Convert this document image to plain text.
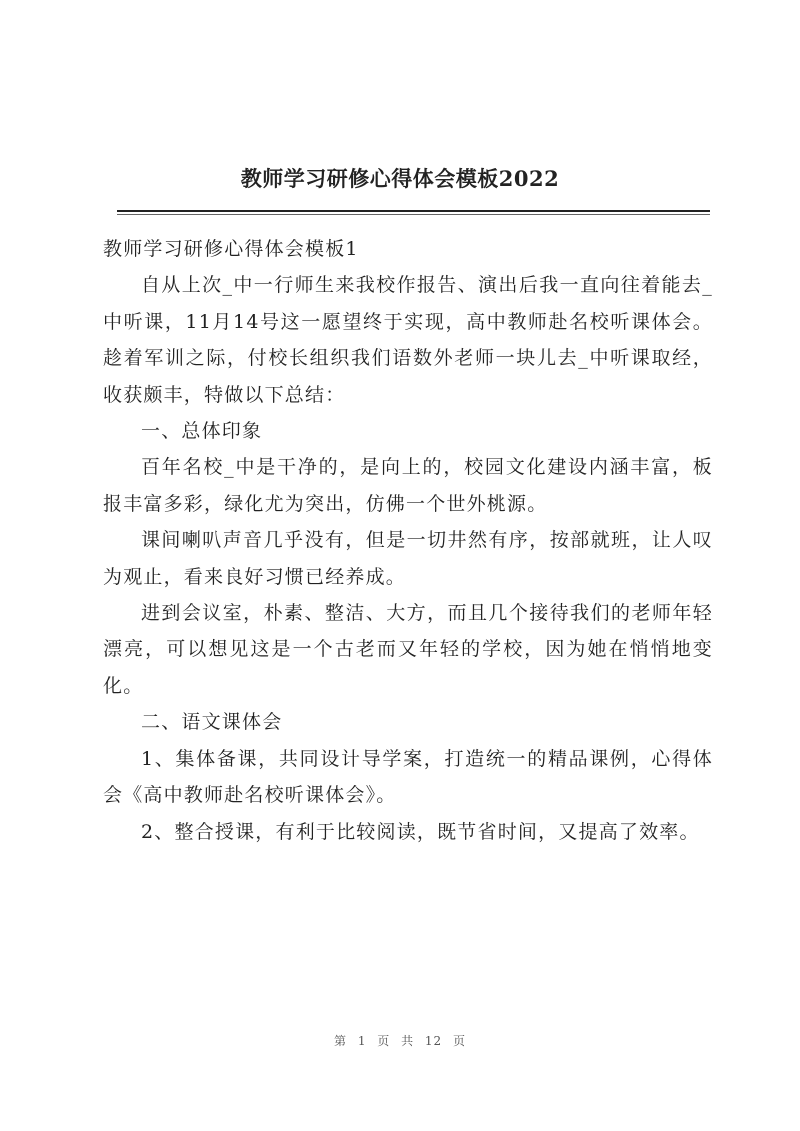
教师学习研修心得体会模板2022

教师学习研修心得体会模板1

自从上次_中一行师生来我校作报告、演出后我一直向往着能去_中听课，11月14号这一愿望终于实现，高中教师赴名校听课体会。趁着军训之际，付校长组织我们语数外老师一块儿去_中听课取经，收获颇丰，特做以下总结：

一、总体印象

百年名校_中是干净的，是向上的，校园文化建设内涵丰富，板报丰富多彩，绿化尤为突出，仿佛一个世外桃源。

课间喇叭声音几乎没有，但是一切井然有序，按部就班，让人叹为观止，看来良好习惯已经养成。

进到会议室，朴素、整洁、大方，而且几个接待我们的老师年轻漂亮，可以想见这是一个古老而又年轻的学校，因为她在悄悄地变化。

二、语文课体会

1、集体备课，共同设计导学案，打造统一的精品课例，心得体会《高中教师赴名校听课体会》。

2、整合授课，有利于比较阅读，既节省时间，又提高了效率。

第 1 页 共 12 页
